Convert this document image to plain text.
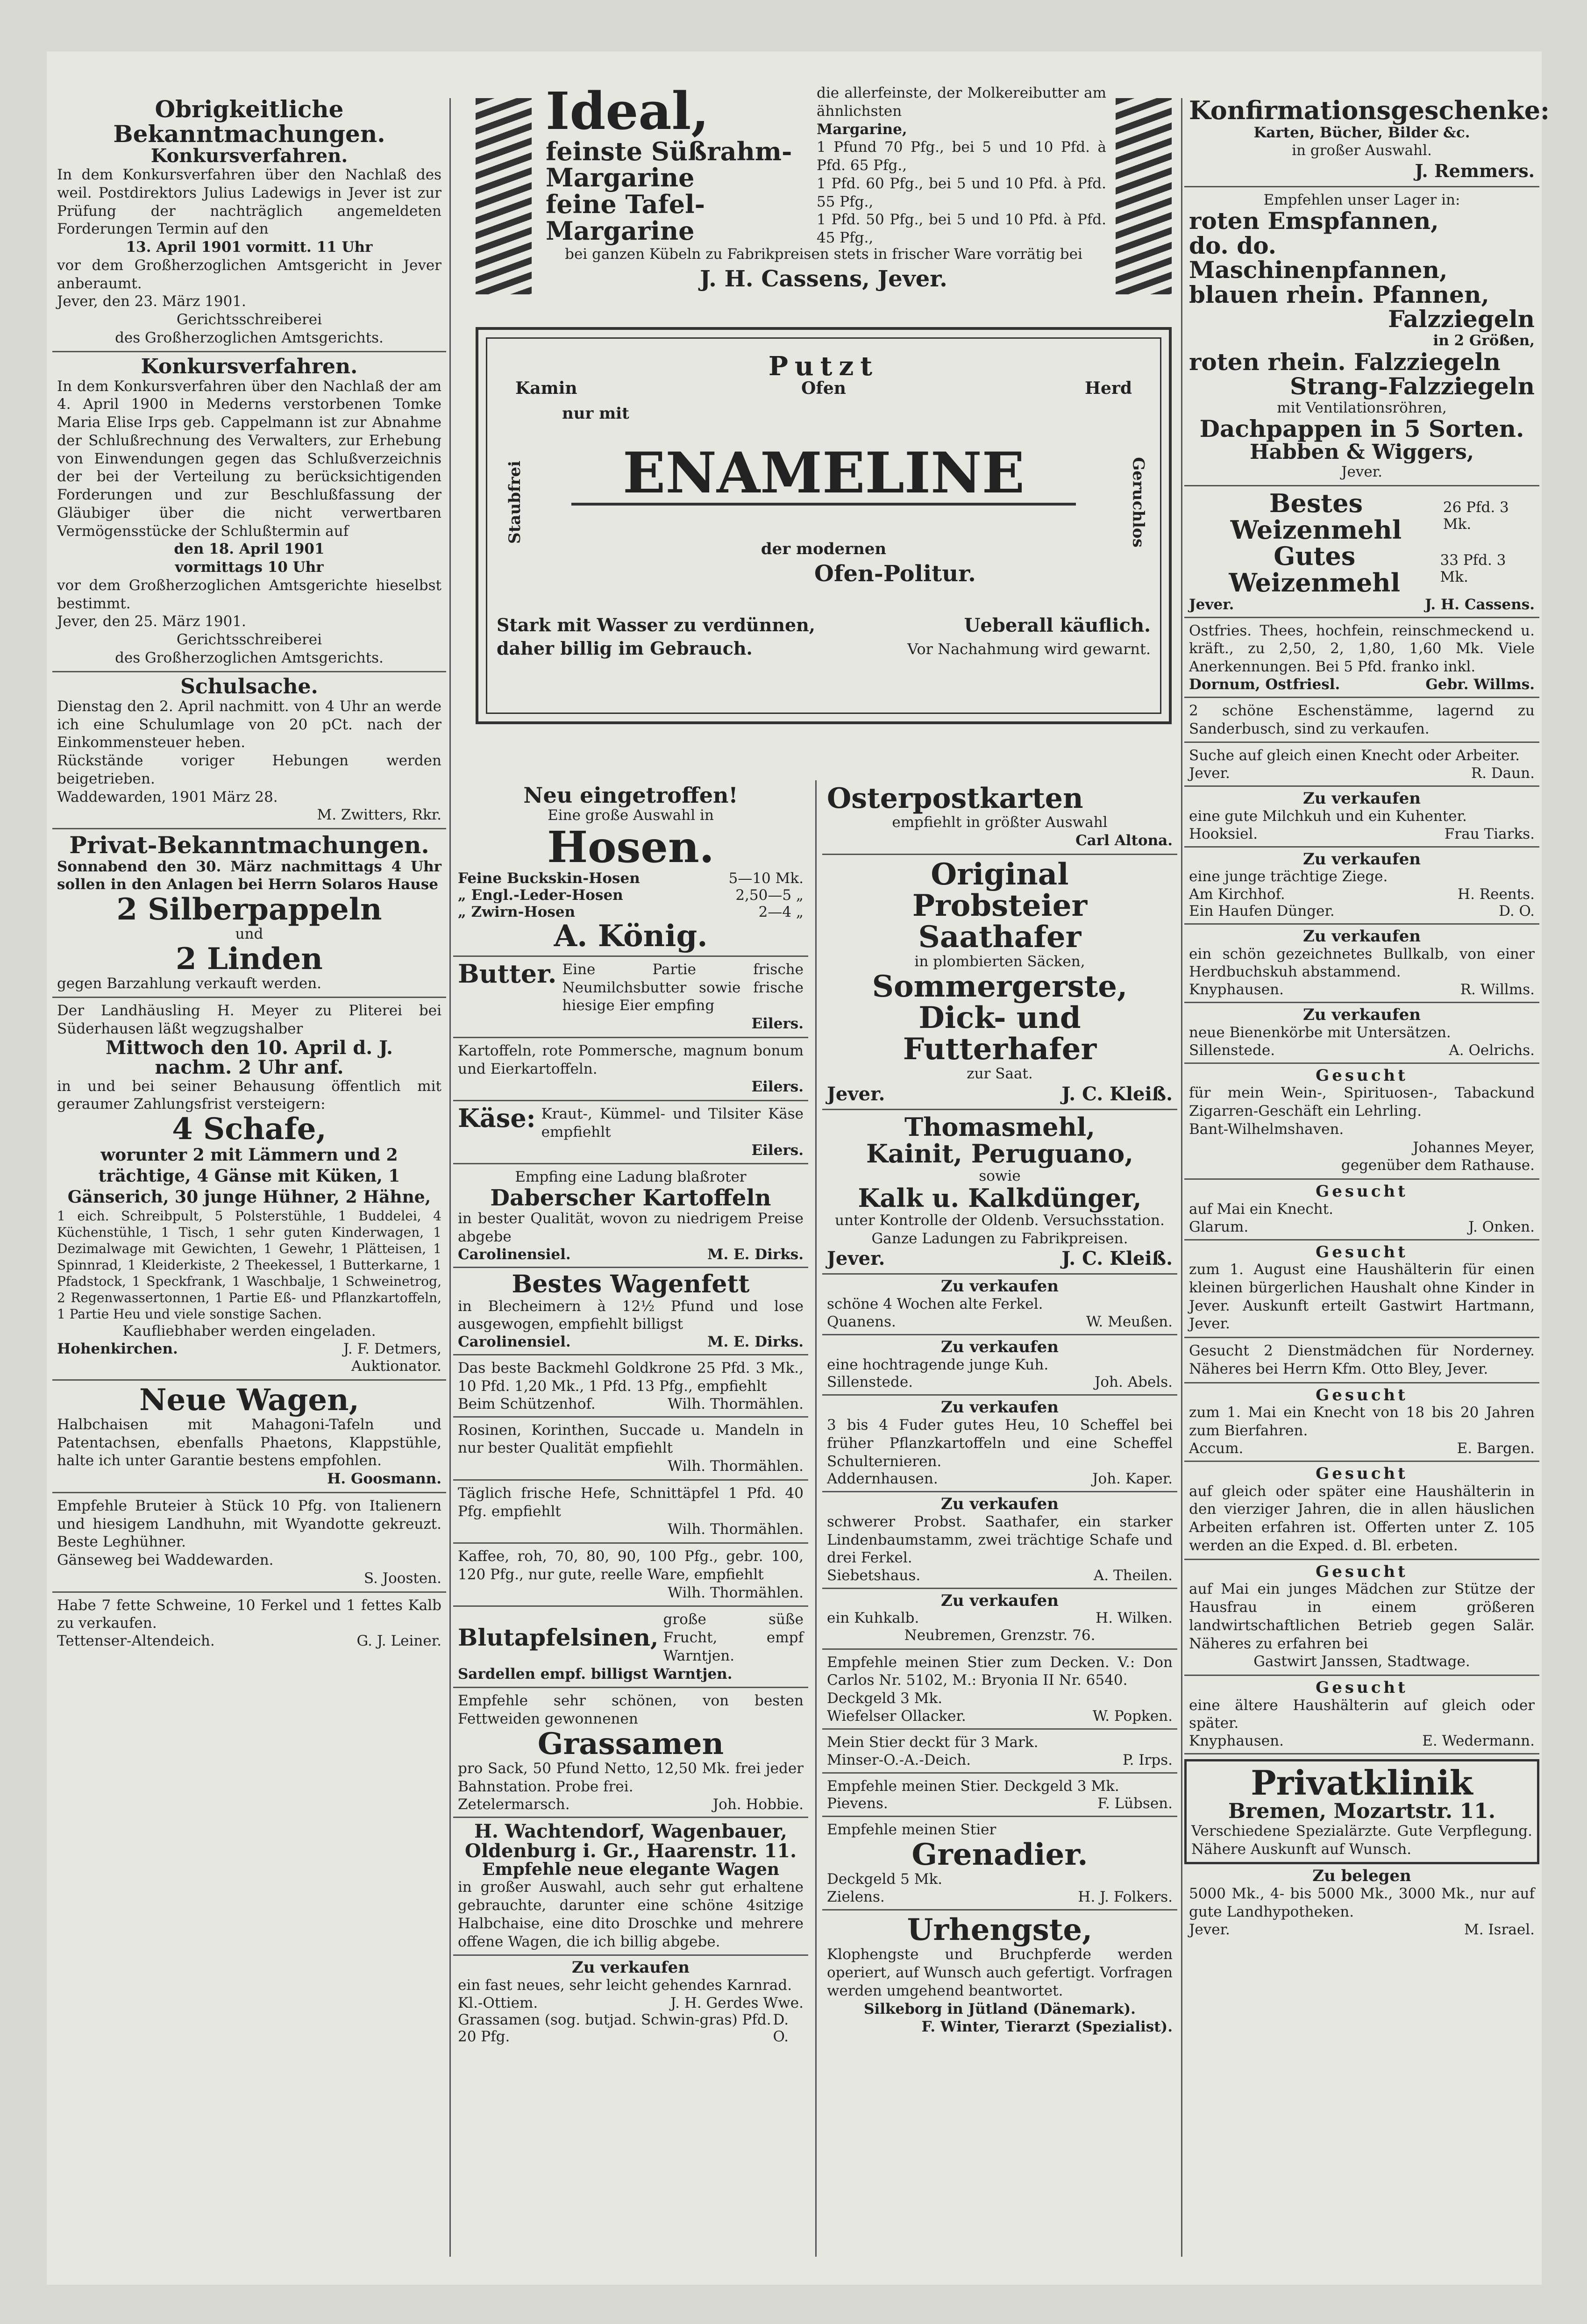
Obrigkeitliche Bekanntmachungen.
Konkursverfahren.
In dem Konkursverfahren über den Nachlaß des weil. Postdirektors Julius Ladewigs in Jever ist zur Prüfung der nachträglich angemeldeten Forderungen Termin auf den
13. April 1901 vormitt. 11 Uhr
vor dem Großherzoglichen Amtsgericht in Jever anberaumt.
Jever, den 23. März 1901.
Gerichtsschreiberei
des Großherzoglichen Amtsgerichts.
Konkursverfahren.
In dem Konkursverfahren über den Nachlaß der am 4. April 1900 in Mederns verstorbenen Tomke Maria Elise Irps geb. Cappelmann ist zur Abnahme der Schlußrechnung des Verwalters, zur Erhebung von Einwendungen gegen das Schlußverzeichnis der bei der Verteilung zu berücksichtigenden Forderungen und zur Beschlußfassung der Gläubiger über die nicht verwertbaren Vermögensstücke der Schlußtermin auf
den 18. April 1901
vormittags 10 Uhr
vor dem Großherzoglichen Amtsgerichte hieselbst bestimmt.
Jever, den 25. März 1901.
Gerichtsschreiberei
des Großherzoglichen Amtsgerichts.
Schulsache.
Dienstag den 2. April nachmitt. von 4 Uhr an werde ich eine Schulumlage von 20 pCt. nach der Einkommensteuer heben.
Rückstände voriger Hebungen werden beigetrieben.
Waddewarden, 1901 März 28.
M. Zwitters, Rkr.
Privat-Bekanntmachungen.
Sonnabend den 30. März nachmittags 4 Uhr sollen in den Anlagen bei Herrn Solaros Hause
2 Silberpappeln
und
2 Linden
gegen Barzahlung verkauft werden.
Der Landhäusling H. Meyer zu Pliterei bei Süderhausen läßt wegzugshalber
Mittwoch den 10. April d. J.
nachm. 2 Uhr anf.
in und bei seiner Behausung öffentlich mit geraumer Zahlungsfrist versteigern:
4 Schafe,
worunter 2 mit Lämmern und 2 trächtige, 4 Gänse mit Küken, 1 Gänserich, 30 junge Hühner, 2 Hähne,
1 eich. Schreibpult, 5 Polsterstühle, 1 Buddelei, 4 Küchenstühle, 1 Tisch, 1 sehr guten Kinderwagen, 1 Dezimalwage mit Gewichten, 1 Gewehr, 1 Plätteisen, 1 Spinnrad, 1 Kleiderkiste, 2 Theekessel, 1 Butterkarne, 1 Pfadstock, 1 Speckfrank, 1 Waschbalje, 1 Schweinetrog, 2 Regenwassertonnen, 1 Partie Eß- und Pflanzkartoffeln, 1 Partie Heu und viele sonstige Sachen.
Kaufliebhaber werden eingeladen.
Hohenkirchen.	J. F. Detmers,
Auktionator.
Neue Wagen,
Halbchaisen mit Mahagoni-Tafeln und Patentachsen, ebenfalls Phaetons, Klappstühle, halte ich unter Garantie bestens empfohlen.
H. Goosmann.
Empfehle Bruteier à Stück 10 Pfg. von Italienern und hiesigem Landhuhn, mit Wyandotte gekreuzt. Beste Leghühner.
Gänseweg bei Waddewarden.
S. Joosten.
Habe 7 fette Schweine, 10 Ferkel und 1 fettes Kalb zu verkaufen.
Tettenser-Altendeich.	G. J. Leiner.
Ideal,
feinste Süßrahm-Margarine
feine Tafel-Margarine
die allerfeinste, der Molkereibutter am ähnlichsten
Margarine,
1 Pfund 70 Pfg., bei 5 und 10 Pfd. à Pfd. 65 Pfg.,
1 Pfd. 60 Pfg., bei 5 und 10 Pfd. à Pfd. 55 Pfg.,
1 Pfd. 50 Pfg., bei 5 und 10 Pfd. à Pfd. 45 Pfg.,
bei ganzen Kübeln zu Fabrikpreisen stets in frischer Ware vorrätig bei
J. H. Cassens, Jever.
Putzt
Kamin	Ofen	Herd
nur mit
Staubfrei	Geruchlos
ENAMELINE
der modernen
Ofen-Politur.
Stark mit Wasser zu verdünnen,
daher billig im Gebrauch.
Ueberall käuflich.
Vor Nachahmung wird gewarnt.
Neu eingetroffen!
Eine große Auswahl in
Hosen.
Feine Buckskin-Hosen	5—10 Mk.
„ Engl.-Leder-Hosen	2,50—5 „
„ Zwirn-Hosen	2—4 „
A. König.
Butter. Eine Partie frische Neumilchsbutter sowie frische hiesige Eier empfing
Eilers.
Kartoffeln, rote Pommersche, magnum bonum und Eierkartoffeln.
Eilers.
Käse: Kraut-, Kümmel- und Tilsiter Käse empfiehlt
Eilers.
Empfing eine Ladung blaßroter
Daberscher Kartoffeln
in bester Qualität, wovon zu niedrigem Preise abgebe
Carolinensiel.	M. E. Dirks.
Bestes Wagenfett
in Blecheimern à 12½ Pfund und lose ausgewogen, empfiehlt billigst
Carolinensiel.	M. E. Dirks.
Das beste Backmehl Goldkrone 25 Pfd. 3 Mk., 10 Pfd. 1,20 Mk., 1 Pfd. 13 Pfg., empfiehlt
Beim Schützenhof.	Wilh. Thormählen.
Rosinen, Korinthen, Succade u. Mandeln in nur bester Qualität empfiehlt
Wilh. Thormählen.
Täglich frische Hefe, Schnittäpfel 1 Pfd. 40 Pfg. empfiehlt
Wilh. Thormählen.
Kaffee, roh, 70, 80, 90, 100 Pfg., gebr. 100, 120 Pfg., nur gute, reelle Ware, empfiehlt
Wilh. Thormählen.
Blutapfelsinen,
große süße Frucht, empf Warntjen.
Sardellen empf. billigst Warntjen.
Empfehle sehr schönen, von besten Fettweiden gewonnenen
Grassamen
pro Sack, 50 Pfund Netto, 12,50 Mk. frei jeder Bahnstation. Probe frei.
Zetelermarsch.	Joh. Hobbie.
H. Wachtendorf, Wagenbauer,
Oldenburg i. Gr., Haarenstr. 11.
Empfehle neue elegante Wagen
in großer Auswahl, auch sehr gut erhaltene gebrauchte, darunter eine schöne 4sitzige Halbchaise, eine dito Droschke und mehrere offene Wagen, die ich billig abgebe.
Zu verkaufen
ein fast neues, sehr leicht gehendes Karnrad.
Kl.-Ottiem.	J. H. Gerdes Wwe.
Grassamen (sog. butjad. Schwin-gras) Pfd. 20 Pfg.
D. O.
Osterpostkarten
empfiehlt in größter Auswahl
Carl Altona.
Original
Probsteier Saathafer
in plombierten Säcken,
Sommergerste,
Dick- und Futterhafer
zur Saat.
Jever.	J. C. Kleiß.
Thomasmehl,
Kainit, Peruguano,
sowie
Kalk u. Kalkdünger,
unter Kontrolle der Oldenb. Versuchsstation.
Ganze Ladungen zu Fabrikpreisen.
Jever.	J. C. Kleiß.
Zu verkaufen
schöne 4 Wochen alte Ferkel.
Quanens.	W. Meußen.
Zu verkaufen
eine hochtragende junge Kuh.
Sillenstede.	Joh. Abels.
Zu verkaufen
3 bis 4 Fuder gutes Heu, 10 Scheffel bei früher Pflanzkartoffeln und eine Scheffel Schulternieren.
Addernhausen.	Joh. Kaper.
Zu verkaufen
schwerer Probst. Saathafer, ein starker Lindenbaumstamm, zwei trächtige Schafe und drei Ferkel.
Siebetshaus.	A. Theilen.
Zu verkaufen
ein Kuhkalb.	H. Wilken.
Neubremen, Grenzstr. 76.
Empfehle meinen Stier zum Decken. V.: Don Carlos Nr. 5102, M.: Bryonia II Nr. 6540.
Deckgeld 3 Mk.
Wiefelser Ollacker.	W. Popken.
Mein Stier deckt für 3 Mark.
Minser-O.-A.-Deich.	P. Irps.
Empfehle meinen Stier. Deckgeld 3 Mk.
Pievens.	F. Lübsen.
Empfehle meinen Stier
Grenadier.
Deckgeld 5 Mk.
Zielens.	H. J. Folkers.
Urhengste,
Klophengste und Bruchpferde werden operiert, auf Wunsch auch gefertigt. Vorfragen werden umgehend beantwortet.
Silkeborg in Jütland (Dänemark).
F. Winter, Tierarzt (Spezialist).
Konfirmationsgeschenke:
Karten, Bücher, Bilder &c.
in großer Auswahl.
J. Remmers.
Empfehlen unser Lager in:
roten Emspfannen,
do. do. Maschinenpfannen,
blauen rhein. Pfannen,
Falzziegeln
in 2 Größen,
roten rhein. Falzziegeln
Strang-Falzziegeln
mit Ventilationsröhren,
Dachpappen in 5 Sorten.
Habben & Wiggers,
Jever.
Bestes Weizenmehl
26 Pfd. 3 Mk.
Gutes Weizenmehl
33 Pfd. 3 Mk.
Jever.	J. H. Cassens.
Ostfries. Thees, hochfein, reinschmeckend u. kräft., zu 2,50, 2, 1,80, 1,60 Mk. Viele Anerkennungen. Bei 5 Pfd. franko inkl.
Dornum, Ostfriesl.	Gebr. Willms.
2 schöne Eschenstämme, lagernd zu Sanderbusch, sind zu verkaufen.
Suche auf gleich einen Knecht oder Arbeiter.
Jever.	R. Daun.
Zu verkaufen
eine gute Milchkuh und ein Kuhenter.
Hooksiel.	Frau Tiarks.
Zu verkaufen
eine junge trächtige Ziege.
Am Kirchhof.	H. Reents.
Ein Haufen Dünger.	D. O.
Zu verkaufen
ein schön gezeichnetes Bullkalb, von einer Herdbuchskuh abstammend.
Knyphausen.	R. Willms.
Zu verkaufen
neue Bienenkörbe mit Untersätzen.
Sillenstede.	A. Oelrichs.
Gesucht
für mein Wein-, Spirituosen-, Tabackund Zigarren-Geschäft ein Lehrling.
Bant-Wilhelmshaven.
Johannes Meyer,
gegenüber dem Rathause.
Gesucht
auf Mai ein Knecht.
Glarum.	J. Onken.
Gesucht
zum 1. August eine Haushälterin für einen kleinen bürgerlichen Haushalt ohne Kinder in Jever. Auskunft erteilt Gastwirt Hartmann, Jever.
Gesucht 2 Dienstmädchen für Norderney. Näheres bei Herrn Kfm. Otto Bley, Jever.
Gesucht
zum 1. Mai ein Knecht von 18 bis 20 Jahren zum Bierfahren.
Accum.	E. Bargen.
Gesucht
auf gleich oder später eine Haushälterin in den vierziger Jahren, die in allen häuslichen Arbeiten erfahren ist. Offerten unter Z. 105 werden an die Exped. d. Bl. erbeten.
Gesucht
auf Mai ein junges Mädchen zur Stütze der Hausfrau in einem größeren landwirtschaftlichen Betrieb gegen Salär. Näheres zu erfahren bei
Gastwirt Janssen, Stadtwage.
Gesucht
eine ältere Haushälterin auf gleich oder später.
Knyphausen.	E. Wedermann.
Privatklinik
Bremen, Mozartstr. 11.
Verschiedene Spezialärzte. Gute Verpflegung. Nähere Auskunft auf Wunsch.
Zu belegen
5000 Mk., 4- bis 5000 Mk., 3000 Mk., nur auf gute Landhypotheken.
Jever.	M. Israel.
